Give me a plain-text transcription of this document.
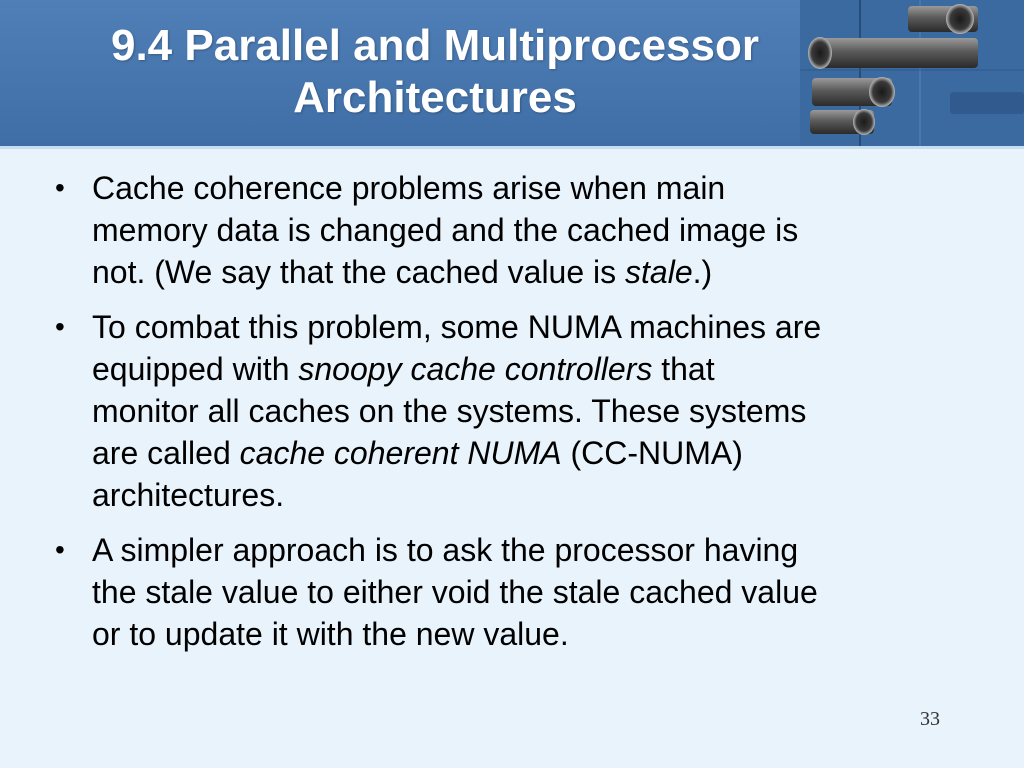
9.4 Parallel and Multiprocessor
Architectures
• Cache coherence problems arise when main
memory data is changed and the cached image is
not. (We say that the cached value is stale.)
• To combat this problem, some NUMA machines are
equipped with snoopy cache controllers that
monitor all caches on the systems. These systems
are called cache coherent NUMA (CC-NUMA)
architectures.
• A simpler approach is to ask the processor having
the stale value to either void the stale cached value
or to update it with the new value.
33
